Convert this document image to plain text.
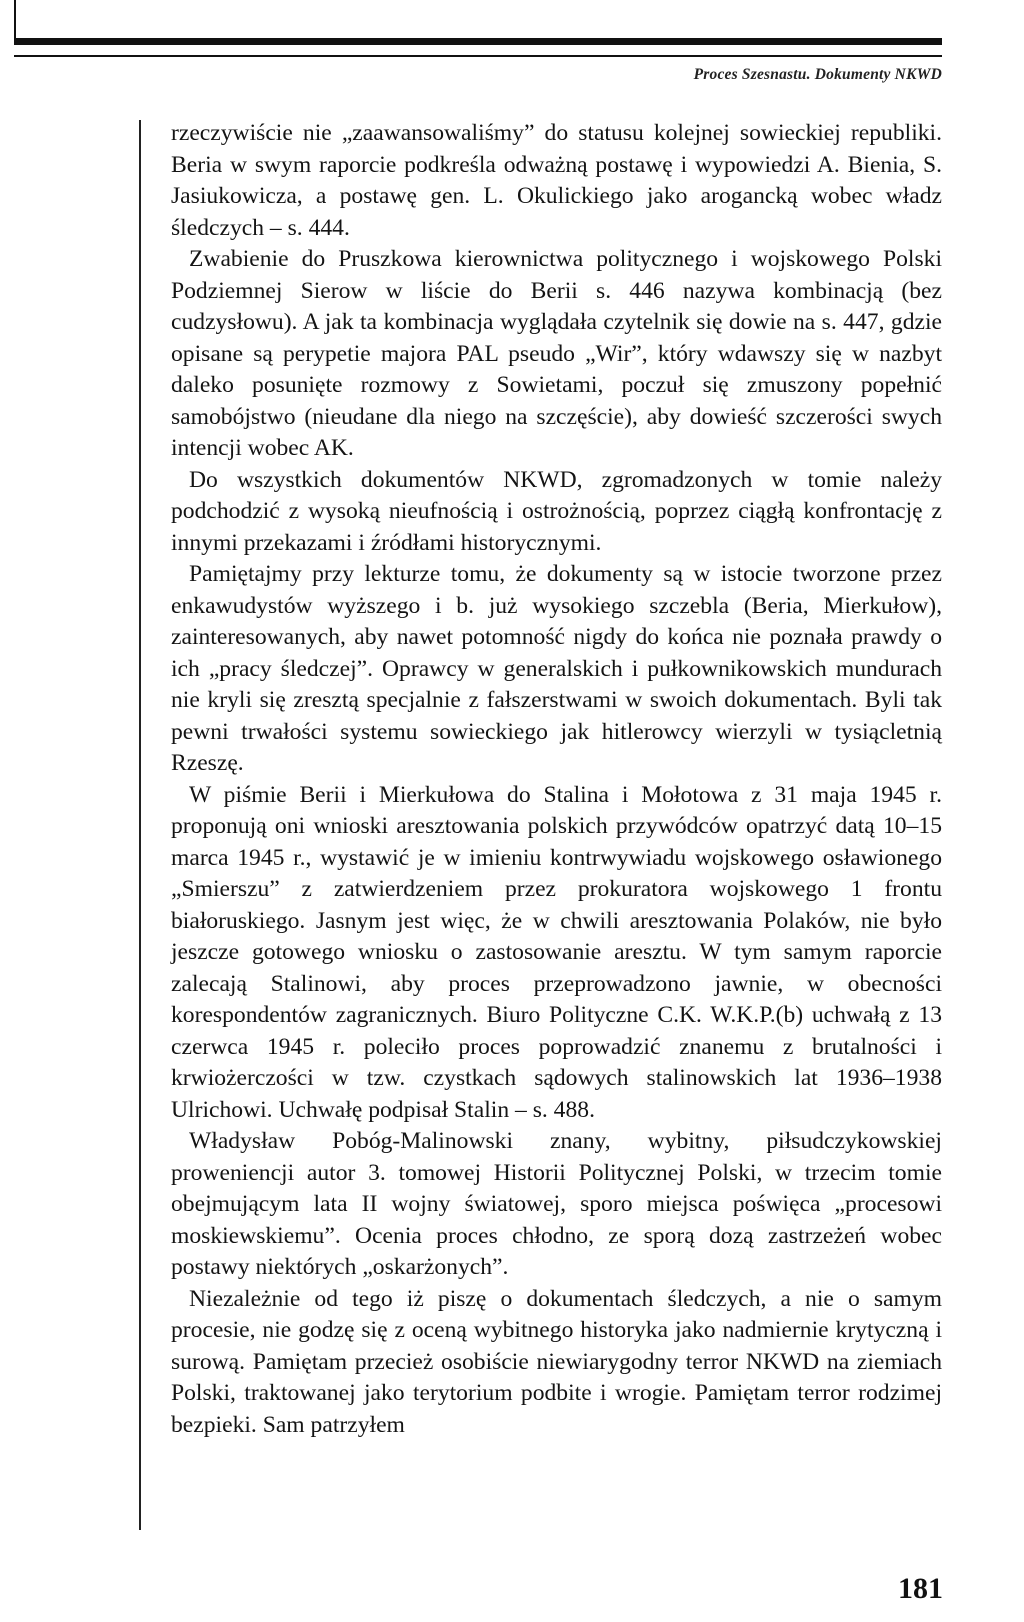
Proces Szesnastu. Dokumenty NKWD

rzeczywiście nie „zaawansowaliśmy” do statusu kolejnej sowieckiej republiki. Beria w swym raporcie podkreśla odważną postawę i wypowiedzi A. Bienia, S. Jasiukowicza, a postawę gen. L. Okulickiego jako arogancką wobec władz śledczych – s. 444.

Zwabienie do Pruszkowa kierownictwa politycznego i wojskowego Polski Podziemnej Sierow w liście do Berii s. 446 nazywa kombinacją (bez cudzysłowu). A jak ta kombinacja wyglądała czytelnik się dowie na s. 447, gdzie opisane są perypetie majora PAL pseudo „Wir”, który wdawszy się w nazbyt daleko posunięte rozmowy z Sowietami, poczuł się zmuszony popełnić samobójstwo (nieudane dla niego na szczęście), aby dowieść szczerości swych intencji wobec AK.

Do wszystkich dokumentów NKWD, zgromadzonych w tomie należy podchodzić z wysoką nieufnością i ostrożnością, poprzez ciągłą konfrontację z innymi przekazami i źródłami historycznymi.

Pamiętajmy przy lekturze tomu, że dokumenty są w istocie tworzone przez enkawudystów wyższego i b. już wysokiego szczebla (Beria, Mierkułow), zainteresowanych, aby nawet potomność nigdy do końca nie poznała prawdy o ich „pracy śledczej”. Oprawcy w generalskich i pułkownikowskich mundurach nie kryli się zresztą specjalnie z fałszerstwami w swoich dokumentach. Byli tak pewni trwałości systemu sowieckiego jak hitlerowcy wierzyli w tysiącletnią Rzeszę.

W piśmie Berii i Mierkułowa do Stalina i Mołotowa z 31 maja 1945 r. proponują oni wnioski aresztowania polskich przywódców opatrzyć datą 10–15 marca 1945 r., wystawić je w imieniu kontrwywiadu wojskowego osławionego „Smierszu” z zatwierdzeniem przez prokuratora wojskowego 1 frontu białoruskiego. Jasnym jest więc, że w chwili aresztowania Polaków, nie było jeszcze gotowego wniosku o zastosowanie aresztu. W tym samym raporcie zalecają Stalinowi, aby proces przeprowadzono jawnie, w obecności korespondentów zagranicznych. Biuro Polityczne C.K. W.K.P.(b) uchwałą z 13 czerwca 1945 r. poleciło proces poprowadzić znanemu z brutalności i krwiożerczości w tzw. czystkach sądowych stalinowskich lat 1936–1938 Ulrichowi. Uchwałę podpisał Stalin – s. 488.

Władysław Pobóg-Malinowski znany, wybitny, piłsudczykowskiej proweniencji autor 3. tomowej Historii Politycznej Polski, w trzecim tomie obejmującym lata II wojny światowej, sporo miejsca poświęca „procesowi moskiewskiemu”. Ocenia proces chłodno, ze sporą dozą zastrzeżeń wobec postawy niektórych „oskarżonych”.

Niezależnie od tego iż piszę o dokumentach śledczych, a nie o samym procesie, nie godzę się z oceną wybitnego historyka jako nadmiernie krytyczną i surową. Pamiętam przecież osobiście niewiarygodny terror NKWD na ziemiach Polski, traktowanej jako terytorium podbite i wrogie. Pamiętam terror rodzimej bezpieki. Sam patrzyłem

181
